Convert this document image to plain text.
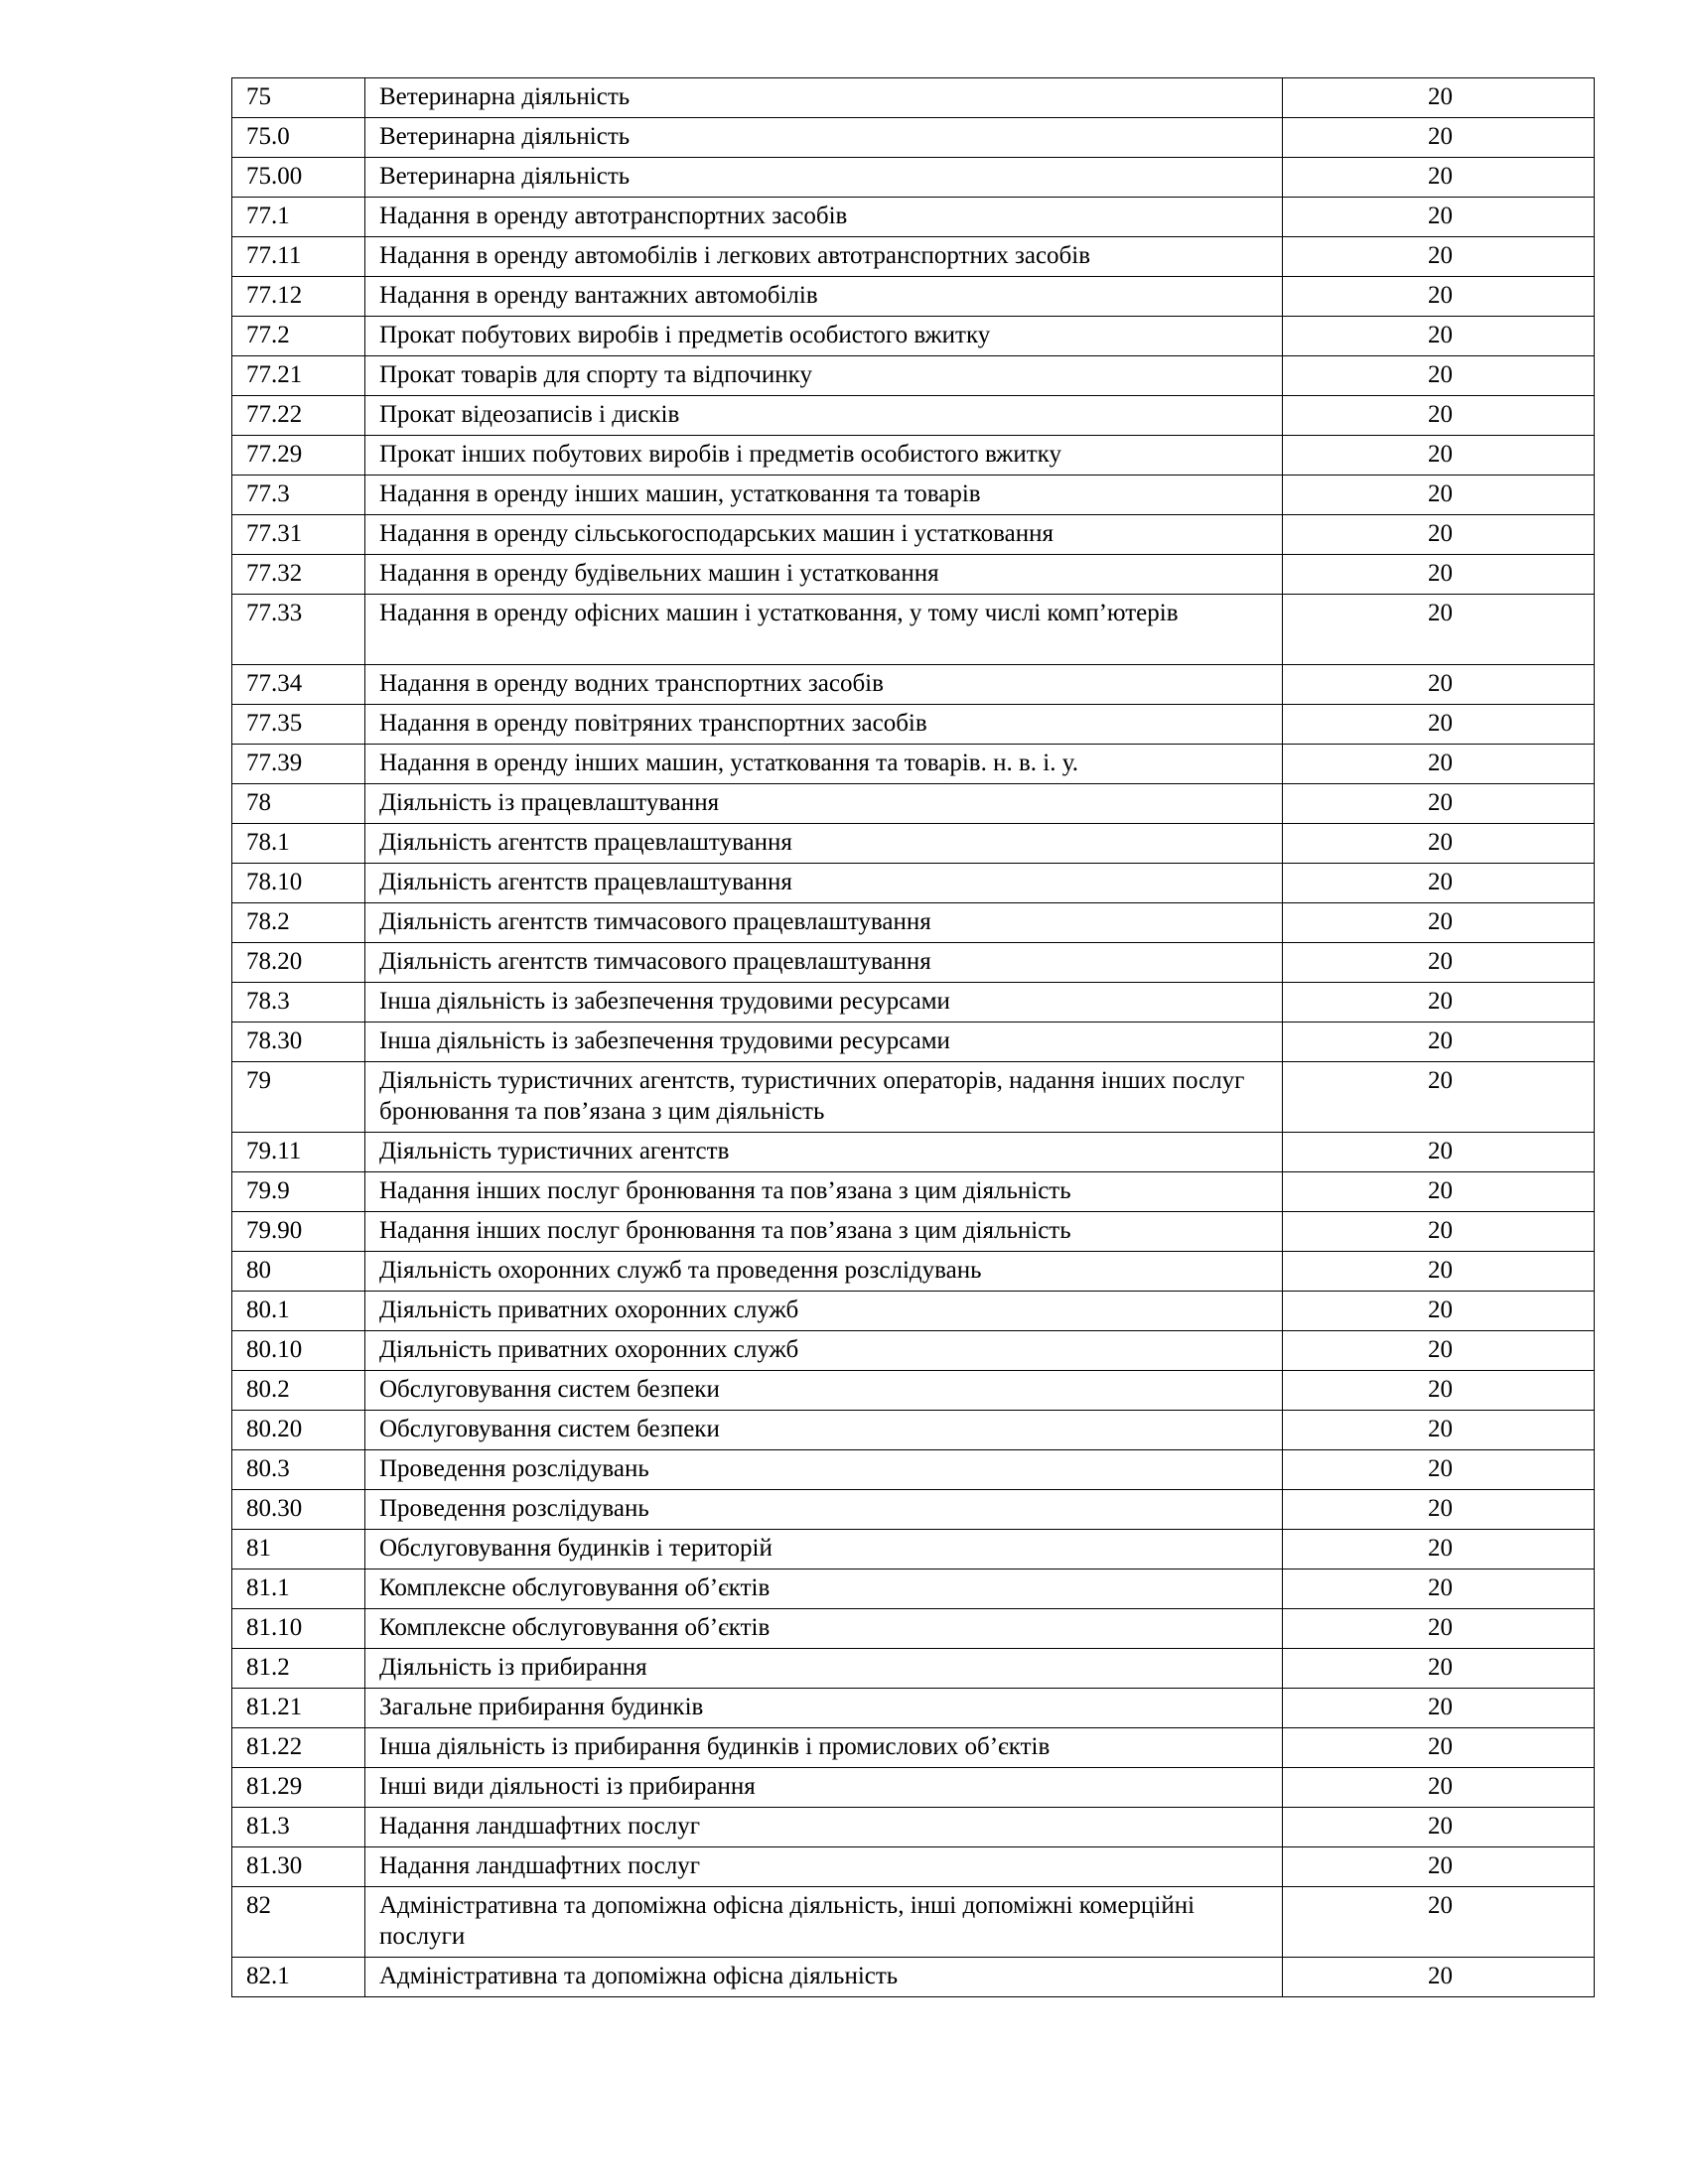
75	Ветеринарна діяльність	20
75.0	Ветеринарна діяльність	20
75.00	Ветеринарна діяльність	20
77.1	Надання в оренду автотранспортних засобів	20
77.11	Надання в оренду автомобілів і легкових автотранспортних засобів	20
77.12	Надання в оренду вантажних автомобілів	20
77.2	Прокат побутових виробів і предметів особистого вжитку	20
77.21	Прокат товарів для спорту та відпочинку	20
77.22	Прокат відеозаписів і дисків	20
77.29	Прокат інших побутових виробів і предметів особистого вжитку	20
77.3	Надання в оренду інших машин, устатковання та товарів	20
77.31	Надання в оренду сільськогосподарських машин і устатковання	20
77.32	Надання в оренду будівельних машин і устатковання	20
77.33	Надання в оренду офісних машин і устатковання, у тому числі комп’ютерів	20
77.34	Надання в оренду водних транспортних засобів	20
77.35	Надання в оренду повітряних транспортних засобів	20
77.39	Надання в оренду інших машин, устатковання та товарів. н. в. і. у.	20
78	Діяльність із працевлаштування	20
78.1	Діяльність агентств працевлаштування	20
78.10	Діяльність агентств працевлаштування	20
78.2	Діяльність агентств тимчасового працевлаштування	20
78.20	Діяльність агентств тимчасового працевлаштування	20
78.3	Інша діяльність із забезпечення трудовими ресурсами	20
78.30	Інша діяльність із забезпечення трудовими ресурсами	20
79	Діяльність туристичних агентств, туристичних операторів, надання інших послуг бронювання та пов’язана з цим діяльність	20
79.11	Діяльність туристичних агентств	20
79.9	Надання інших послуг бронювання та пов’язана з цим діяльність	20
79.90	Надання інших послуг бронювання та пов’язана з цим діяльність	20
80	Діяльність охоронних служб та проведення розслідувань	20
80.1	Діяльність приватних охоронних служб	20
80.10	Діяльність приватних охоронних служб	20
80.2	Обслуговування систем безпеки	20
80.20	Обслуговування систем безпеки	20
80.3	Проведення розслідувань	20
80.30	Проведення розслідувань	20
81	Обслуговування будинків і територій	20
81.1	Комплексне обслуговування об’єктів	20
81.10	Комплексне обслуговування об’єктів	20
81.2	Діяльність із прибирання	20
81.21	Загальне прибирання будинків	20
81.22	Інша діяльність із прибирання будинків і промислових об’єктів	20
81.29	Інші види діяльності із прибирання	20
81.3	Надання ландшафтних послуг	20
81.30	Надання ландшафтних послуг	20
82	Адміністративна та допоміжна офісна діяльність, інші допоміжні комерційні послуги	20
82.1	Адміністративна та допоміжна офісна діяльність	20
